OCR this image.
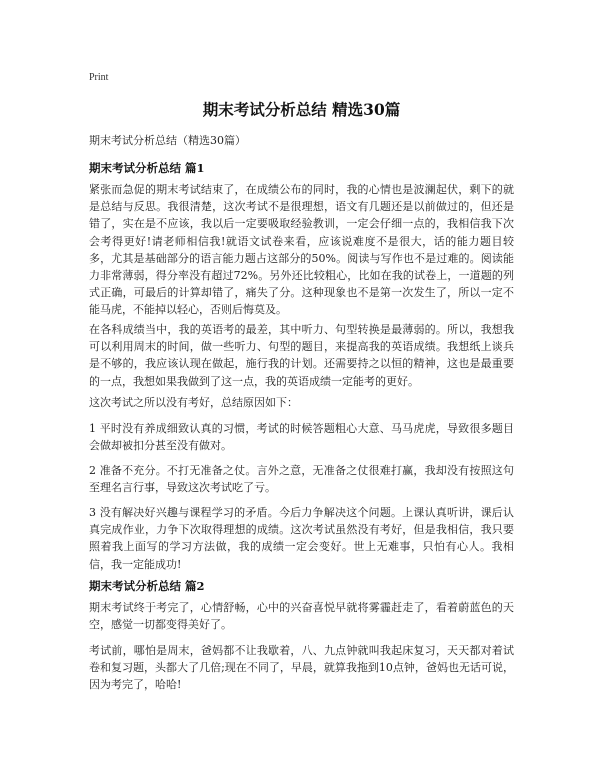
Print
期末考试分析总结 精选30篇

期末考试分析总结（精选30篇）

期末考试分析总结 篇1

紧张而急促的期末考试结束了，在成绩公布的同时，我的心情也是波澜起伏，剩下的就是总结与反思。我很清楚，这次考试不是很理想，语文有几题还是以前做过的，但还是错了，实在是不应该，我以后一定要吸取经验教训，一定会仔细一点的，我相信我下次会考得更好!请老师相信我!就语文试卷来看，应该说难度不是很大，话的能力题目较多，尤其是基础部分的语言能力题占这部分的50%。阅读与写作也不是过难的。阅读能力非常薄弱，得分率没有超过72%。另外还比较粗心，比如在我的试卷上，一道题的列式正确，可最后的计算却错了，痛失了分。这种现象也不是第一次发生了，所以一定不能马虎，不能掉以轻心，否则后悔莫及。

在各科成绩当中，我的英语考的最差，其中听力、句型转换是最薄弱的。所以，我想我可以利用周末的时间，做一些听力、句型的题目，来提高我的英语成绩。我想纸上谈兵是不够的，我应该认现在做起，施行我的计划。还需要持之以恒的精神，这也是最重要的一点，我想如果我做到了这一点，我的英语成绩一定能考的更好。

这次考试之所以没有考好，总结原因如下：

1 平时没有养成细致认真的习惯，考试的时候答题粗心大意、马马虎虎，导致很多题目会做却被扣分甚至没有做对。

2 准备不充分。不打无准备之仗。言外之意，无准备之仗很难打赢，我却没有按照这句至理名言行事，导致这次考试吃了亏。

3 没有解决好兴趣与课程学习的矛盾。今后力争解决这个问题。上课认真听讲，课后认真完成作业，力争下次取得理想的成绩。这次考试虽然没有考好，但是我相信，我只要照着我上面写的学习方法做，我的成绩一定会变好。世上无难事，只怕有心人。我相信，我一定能成功!

期末考试分析总结 篇2

期末考试终于考完了，心情舒畅，心中的兴奋喜悦早就将雾霾赶走了，看着蔚蓝色的天空，感觉一切都变得美好了。

考试前，哪怕是周末，爸妈都不让我歇着，八、九点钟就叫我起床复习，天天都对着试卷和复习题，头都大了几倍;现在不同了，早晨，就算我拖到10点钟，爸妈也无话可说，因为考完了，哈哈!
